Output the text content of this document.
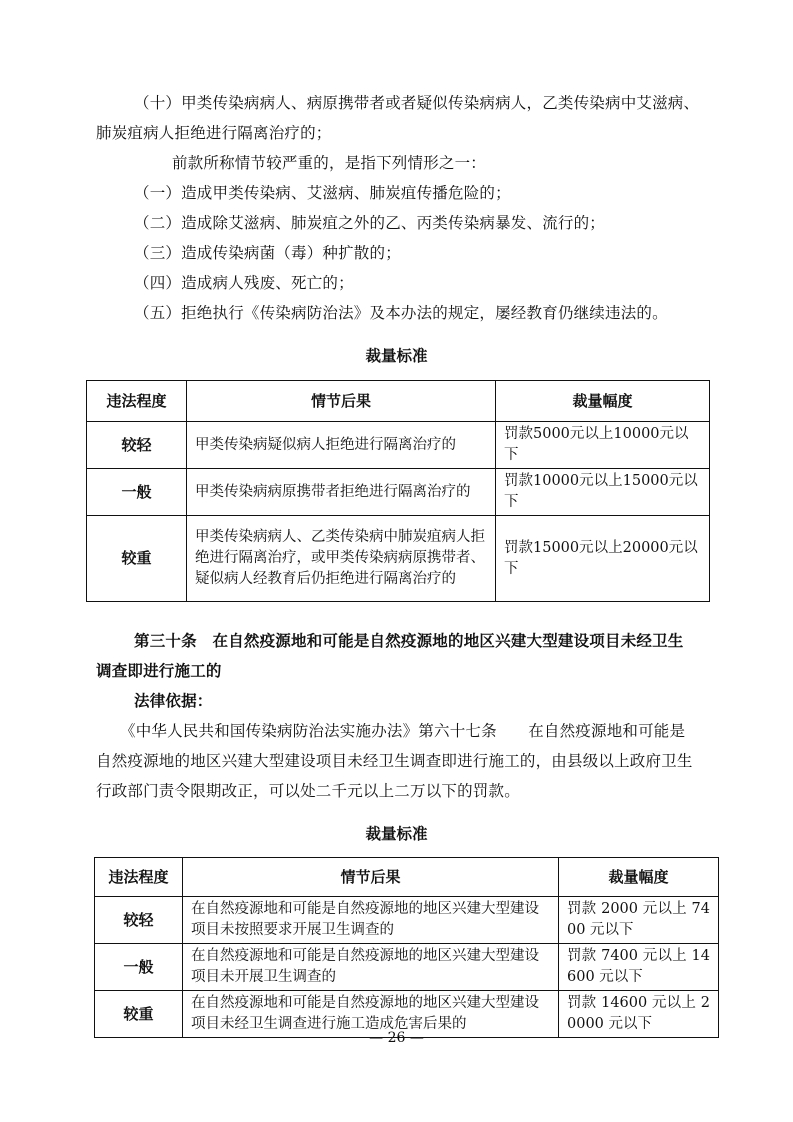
（十）甲类传染病病人、病原携带者或者疑似传染病病人，乙类传染病中艾滋病、
肺炭疽病人拒绝进行隔离治疗的；
前款所称情节较严重的，是指下列情形之一：
（一）造成甲类传染病、艾滋病、肺炭疽传播危险的；
（二）造成除艾滋病、肺炭疽之外的乙、丙类传染病暴发、流行的；
（三）造成传染病菌（毒）种扩散的；
（四）造成病人残废、死亡的；
（五）拒绝执行《传染病防治法》及本办法的规定，屡经教育仍继续违法的。
裁量标准
违法程度	情节后果	裁量幅度
较轻	甲类传染病疑似病人拒绝进行隔离治疗的	罚款5000元以上10000元以下
一般	甲类传染病病原携带者拒绝进行隔离治疗的	罚款10000元以上15000元以下
较重	甲类传染病病人、乙类传染病中肺炭疽病人拒绝进行隔离治疗，或甲类传染病病原携带者、疑似病人经教育后仍拒绝进行隔离治疗的	罚款15000元以上20000元以下
第三十条　在自然疫源地和可能是自然疫源地的地区兴建大型建设项目未经卫生
调查即进行施工的
法律依据：
《中华人民共和国传染病防治法实施办法》第六十七条　　在自然疫源地和可能是
自然疫源地的地区兴建大型建设项目未经卫生调查即进行施工的，由县级以上政府卫生
行政部门责令限期改正，可以处二千元以上二万以下的罚款。
裁量标准
违法程度	情节后果	裁量幅度
较轻	在自然疫源地和可能是自然疫源地的地区兴建大型建设项目未按照要求开展卫生调查的	罚款 2000 元以上 7400 元以下
一般	在自然疫源地和可能是自然疫源地的地区兴建大型建设项目未开展卫生调查的	罚款 7400 元以上 14600 元以下
较重	在自然疫源地和可能是自然疫源地的地区兴建大型建设项目未经卫生调查进行施工造成危害后果的	罚款 14600 元以上 20000 元以下
— 26 —
